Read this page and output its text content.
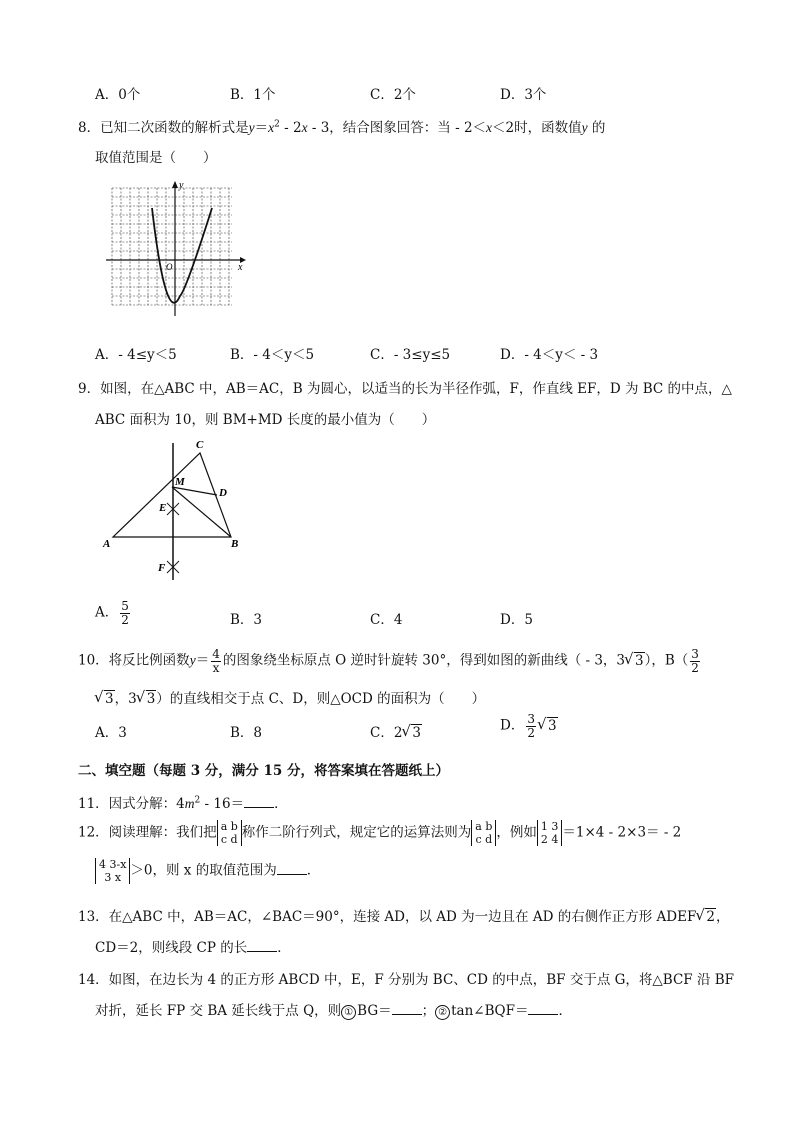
A．0个	B．1个	C．2个	D．3个
8．已知二次函数的解析式是$y=x^2 - 2x - 3$，结合图象回答：当 - 2＜x＜2时，函数值y 的
取值范围是（　　）
y
x
O
A．- 4≤y＜5	B．- 4＜y＜5	C．- 3≤y≤5	D．- 4＜y＜ - 3
9．如图，在△ABC 中，AB＝AC，B 为圆心，以适当的长为半径作弧，F，作直线 EF，D 为 BC 的中点，△
ABC 面积为 10，则 BM+MD 长度的最小值为（　　）
C
M
D
E
A	B
F
A． $\frac{5}{2}$	B．3	C．4	D．5
10．将反比例函数$y= \frac{4}{x}$ 的图象绕坐标原点 O 逆时针旋转 30°，得到如图的新曲线（ - 3，3 √ 3），$B( \frac{3}{2}$
√ 3，3 √ 3）的直线相交于点 C、D，则△OCD 的面积为（　　）
A．3	B．8	C．2 √ 3	D． $\frac{3}{2}$ √ 3
二、填空题（每题 3 分，满分 15 分，将答案填在答题纸上）
11．因式分解：$4m^2 - 16=$ ．
12．阅读理解：我们把 a b
c d 称作二阶行列式，规定它的运算法则为 a b
c d ，例如 1 3
2 4 ＝1×4 - 2×3＝ - 2
4 3-x
3 x ＞0，则 x 的取值范围为 ．
13．在△ABC 中，AB＝AC，∠BAC＝90°，连接 AD，以 AD 为一边且在 AD 的右侧作正方形 ADEF √ 2，
CD＝2，则线段 CP 的长 ．
14．如图，在边长为 4 的正方形 ABCD 中，E，F 分别为 BC、CD 的中点，BF 交于点 G，将△BCF 沿 BF
对折，延长 FP 交 BA 延长线于点 Q，则 ① BG＝ ； ② tan∠BQF＝ ．
